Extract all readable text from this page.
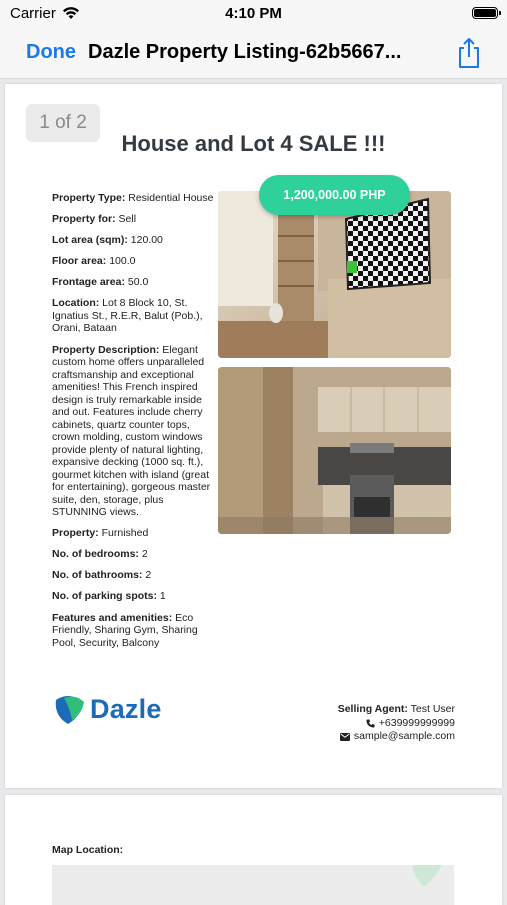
Carrier	4:10 PM
Done Dazle Property Listing-62b5667...
1 of 2
House and Lot 4 SALE !!!

Property Type: Residential House

Property for: Sell

Lot area (sqm): 120.00

Floor area: 100.0

Frontage area: 50.0

Location: Lot 8 Block 10, St. Ignatius St., R.E.R, Balut (Pob.), Orani, Bataan

Property Description: Elegant custom home offers unparalleled craftsmanship and exceptional amenities! This French inspired design is truly remarkable inside and out. Features include cherry cabinets, quartz counter tops, crown molding, custom windows provide plenty of natural lighting, expansive decking (1000 sq. ft.), gourmet kitchen with island (great for entertaining), gorgeous master suite, den, storage, plus STUNNING views.

Property: Furnished

No. of bedrooms: 2

No. of bathrooms: 2

No. of parking spots: 1

Features and amenities: Eco Friendly, Sharing Gym, Sharing Pool, Security, Balcony

1,200,000.00 PHP
Dazle	Selling Agent: Test User
+639999999999
sample@sample.com
Map Location:
